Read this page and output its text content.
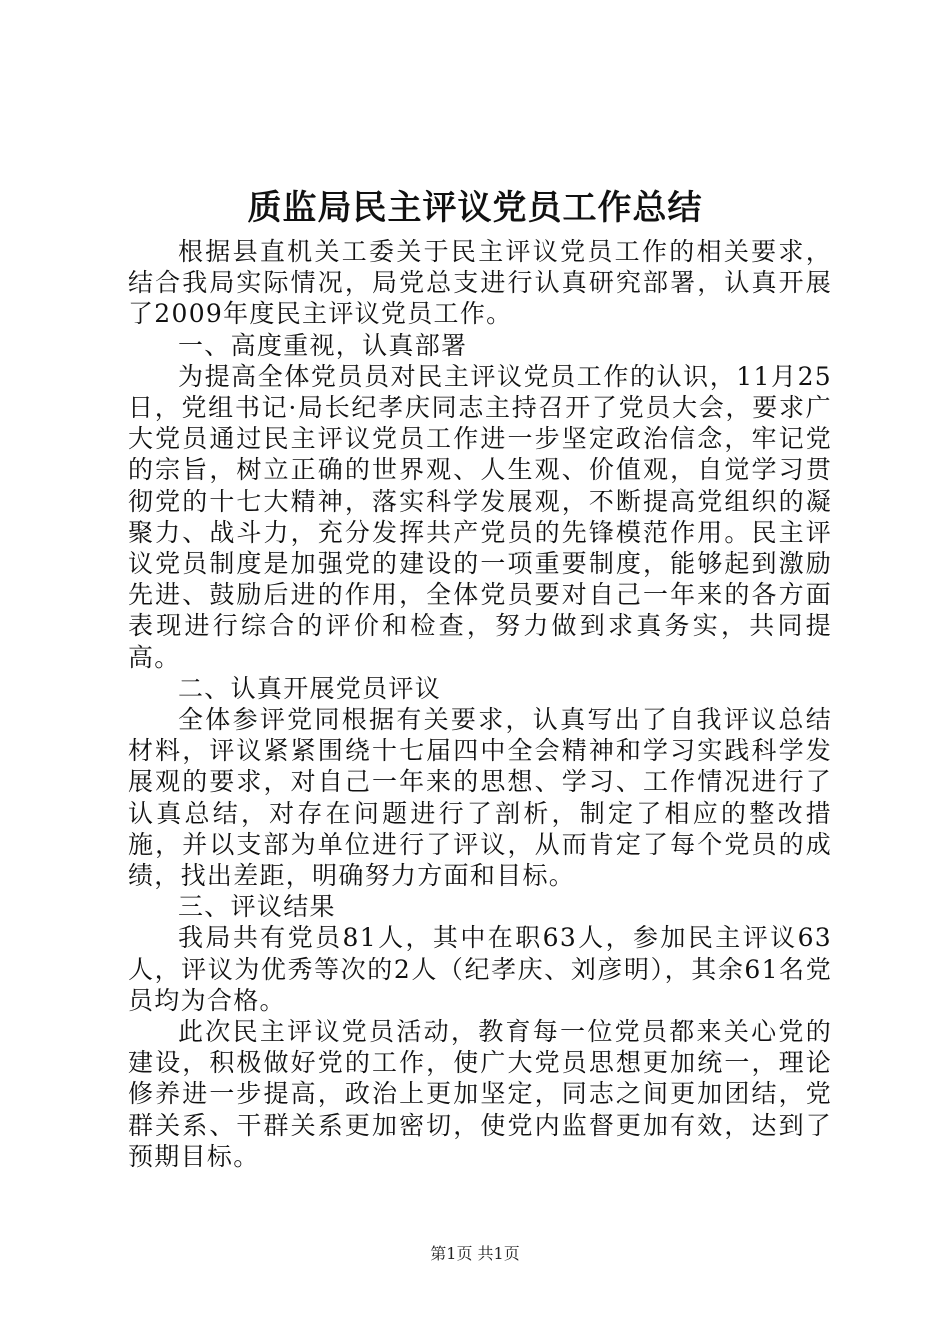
质监局民主评议党员工作总结

根据县直机关工委关于民主评议党员工作的相关要求，结合我局实际情况，局党总支进行认真研究部署，认真开展了2009年度民主评议党员工作。

一、高度重视，认真部署

为提高全体党员员对民主评议党员工作的认识，11月25日，党组书记·局长纪孝庆同志主持召开了党员大会，要求广大党员通过民主评议党员工作进一步坚定政治信念，牢记党的宗旨，树立正确的世界观、人生观、价值观，自觉学习贯彻党的十七大精神，落实科学发展观，不断提高党组织的凝聚力、战斗力，充分发挥共产党员的先锋模范作用。民主评议党员制度是加强党的建设的一项重要制度，能够起到激励先进、鼓励后进的作用，全体党员要对自己一年来的各方面表现进行综合的评价和检查，努力做到求真务实，共同提高。

二、认真开展党员评议

全体参评党同根据有关要求，认真写出了自我评议总结材料，评议紧紧围绕十七届四中全会精神和学习实践科学发展观的要求，对自己一年来的思想、学习、工作情况进行了认真总结，对存在问题进行了剖析，制定了相应的整改措施，并以支部为单位进行了评议，从而肯定了每个党员的成绩，找出差距，明确努力方面和目标。

三、评议结果

我局共有党员81人，其中在职63人，参加民主评议63人，评议为优秀等次的2人（纪孝庆、刘彦明），其余61名党员均为合格。

此次民主评议党员活动，教育每一位党员都来关心党的建设，积极做好党的工作，使广大党员思想更加统一，理论修养进一步提高，政治上更加坚定，同志之间更加团结，党群关系、干群关系更加密切，使党内监督更加有效，达到了预期目标。

第1页 共1页
